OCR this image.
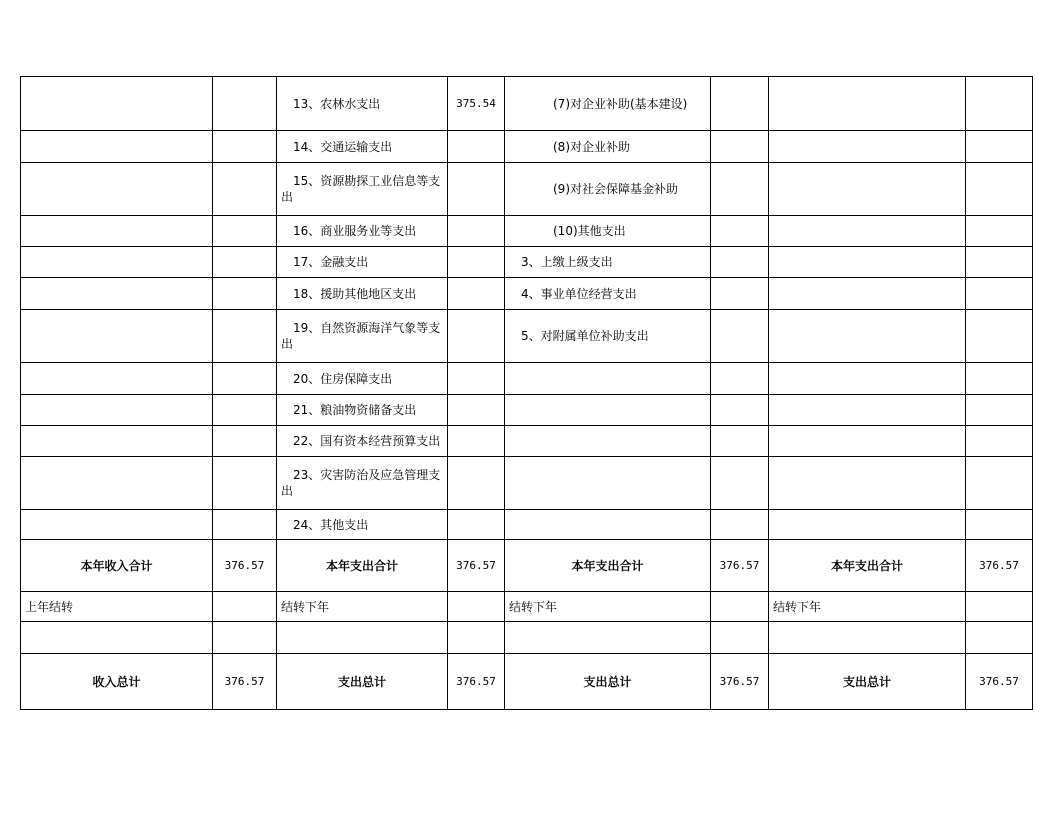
		13、农林水支出	375.54	(7)对企业补助(基本建设)			
		14、交通运输支出		(8)对企业补助			

		15、资源勘探工业信息等支
出		(9)对社会保障基金补助			
		16、商业服务业等支出		(10)其他支出			
		17、金融支出		3、上缴上级支出			
		18、援助其他地区支出		4、事业单位经营支出			

		19、自然资源海洋气象等支
出		5、对附属单位补助支出			
		20、住房保障支出					
		21、粮油物资储备支出					
		22、国有资本经营预算支出					

		23、灾害防治及应急管理支
出					

		24、其他支出					
本年收入合计	376.57	本年支出合计	376.57	本年支出合计	376.57	本年支出合计	376.57
上年结转		结转下年		结转下年		结转下年	

收入总计	376.57	支出总计	376.57	支出总计	376.57	支出总计	376.57
